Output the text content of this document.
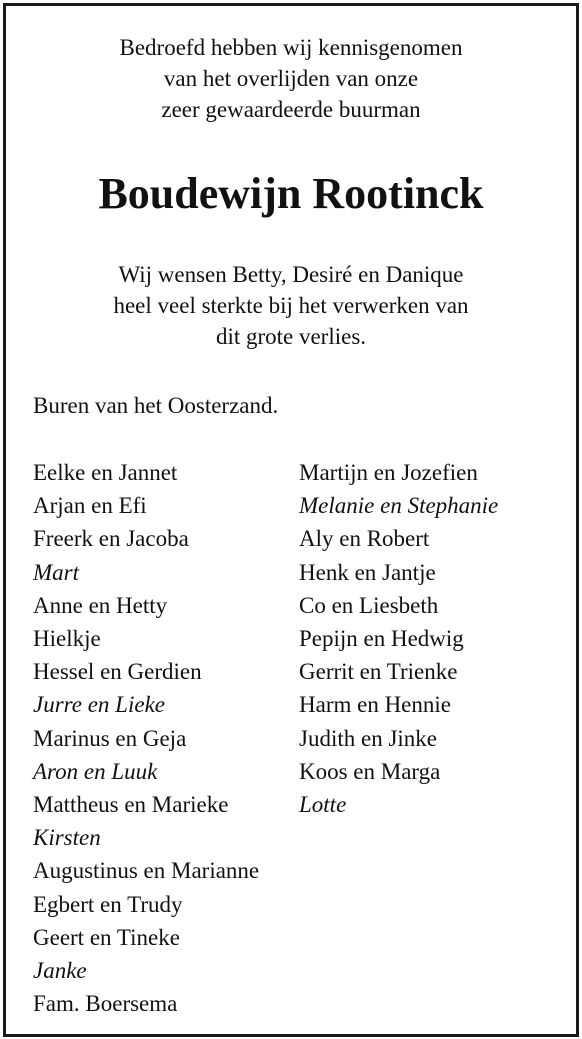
Bedroefd hebben wij kennisgenomen
van het overlijden van onze
zeer gewaardeerde buurman
Boudewijn Rootinck
Wij wensen Betty, Desiré en Danique
heel veel sterkte bij het verwerken van
dit grote verlies.
Buren van het Oosterzand.
Eelke en Jannet
Arjan en Efi
Freerk en Jacoba
Mart
Anne en Hetty
Hielkje
Hessel en Gerdien
Jurre en Lieke
Marinus en Geja
Aron en Luuk
Mattheus en Marieke
Kirsten
Augustinus en Marianne
Egbert en Trudy
Geert en Tineke
Janke
Fam. Boersema
Martijn en Jozefien
Melanie en Stephanie
Aly en Robert
Henk en Jantje
Co en Liesbeth
Pepijn en Hedwig
Gerrit en Trienke
Harm en Hennie
Judith en Jinke
Koos en Marga
Lotte
